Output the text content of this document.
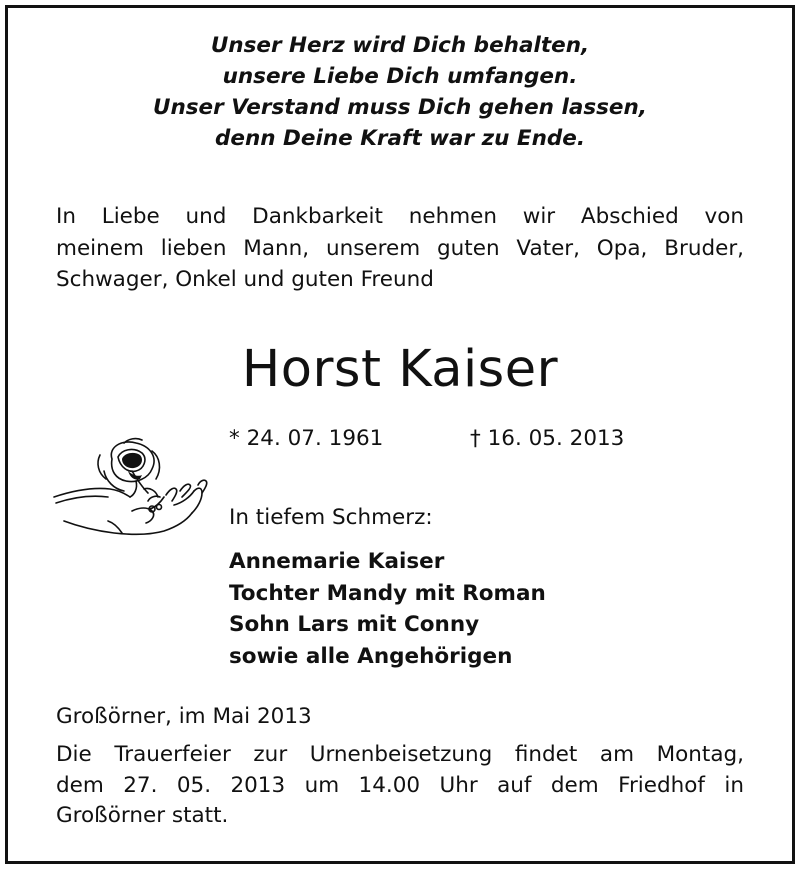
Unser Herz wird Dich behalten,
unsere Liebe Dich umfangen.
Unser Verstand muss Dich gehen lassen,
denn Deine Kraft war zu Ende.
In Liebe und Dankbarkeit nehmen wir Abschied von
meinem lieben Mann, unserem guten Vater, Opa, Bruder,
Schwager, Onkel und guten Freund
Horst Kaiser
* 24. 07. 1961	† 16. 05. 2013
In tiefem Schmerz:
Annemarie Kaiser
Tochter Mandy mit Roman
Sohn Lars mit Conny
sowie alle Angehörigen
Großörner, im Mai 2013
Die Trauerfeier zur Urnenbeisetzung findet am Montag,
dem 27. 05. 2013 um 14.00 Uhr auf dem Friedhof in
Großörner statt.
